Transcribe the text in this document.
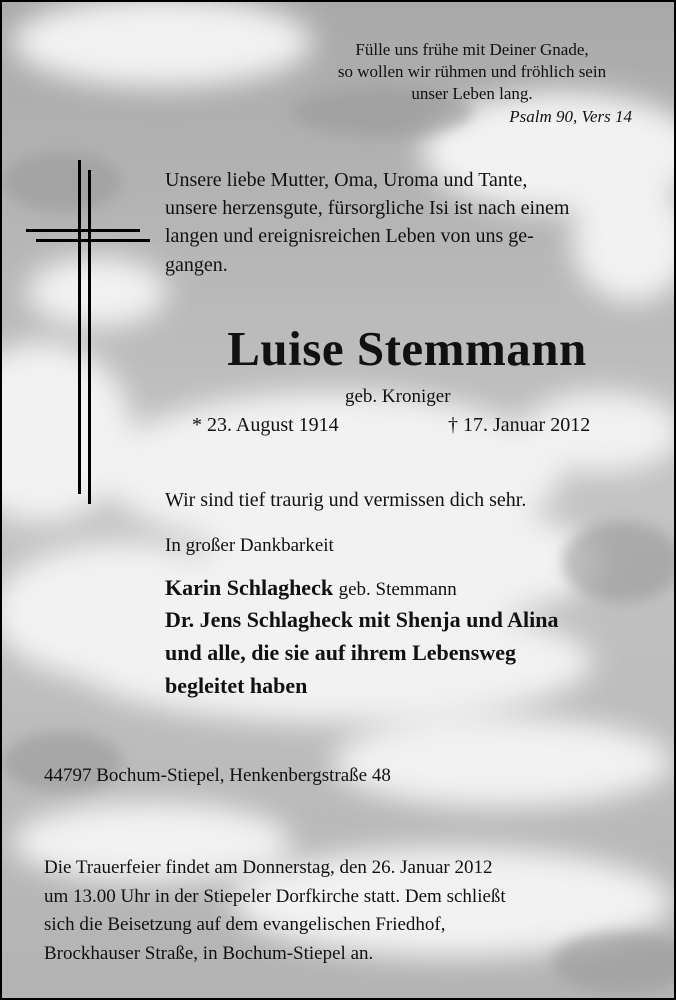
Fülle uns frühe mit Deiner Gnade,
so wollen wir rühmen und fröhlich sein
unser Leben lang.
Psalm 90, Vers 14
Unsere liebe Mutter, Oma, Uroma und Tante,
unsere herzensgute, fürsorgliche Isi ist nach einem
langen und ereignisreichen Leben von uns ge-
gangen.
Luise Stemmann
geb. Kroniger
* 23. August 1914	† 17. Januar 2012
Wir sind tief traurig und vermissen dich sehr.
In großer Dankbarkeit
Karin Schlagheck geb. Stemmann
Dr. Jens Schlagheck mit Shenja und Alina
und alle, die sie auf ihrem Lebensweg
begleitet haben
44797 Bochum-Stiepel, Henkenbergstraße 48
Die Trauerfeier findet am Donnerstag, den 26. Januar 2012
um 13.00 Uhr in der Stiepeler Dorfkirche statt. Dem schließt
sich die Beisetzung auf dem evangelischen Friedhof,
Brockhauser Straße, in Bochum-Stiepel an.
